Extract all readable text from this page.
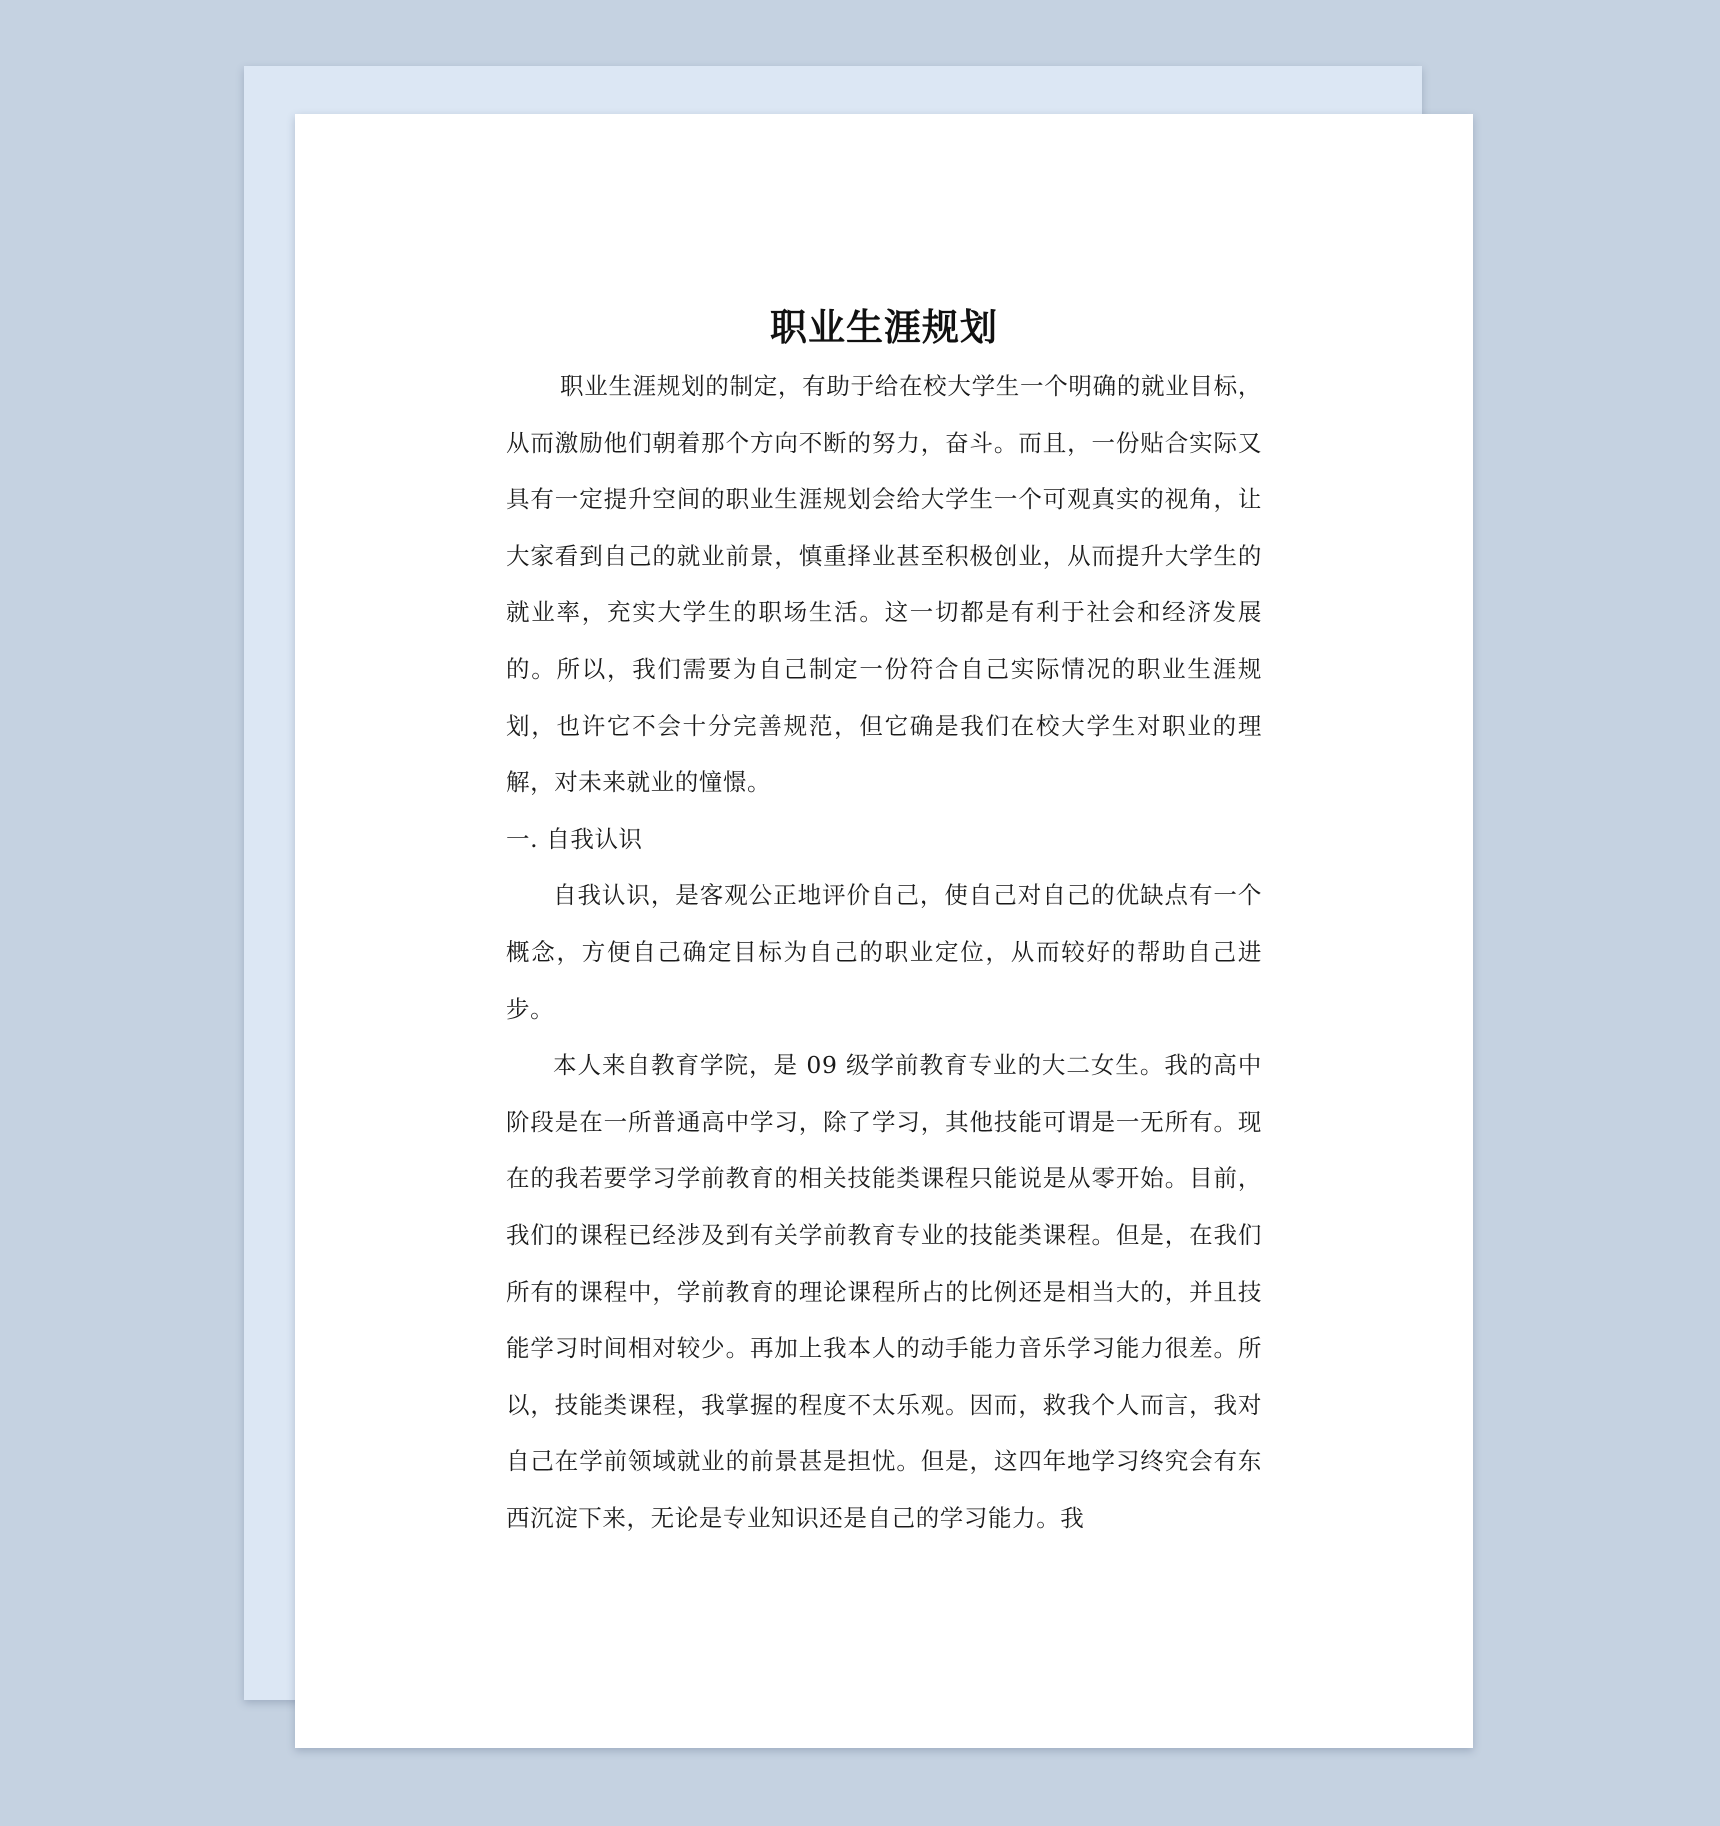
职业生涯规划

职业生涯规划的制定，有助于给在校大学生一个明确的就业目标，从而激励他们朝着那个方向不断的努力，奋斗。而且，一份贴合实际又具有一定提升空间的职业生涯规划会给大学生一个可观真实的视角，让大家看到自己的就业前景，慎重择业甚至积极创业，从而提升大学生的就业率，充实大学生的职场生活。这一切都是有利于社会和经济发展的。所以，我们需要为自己制定一份符合自己实际情况的职业生涯规划，也许它不会十分完善规范，但它确是我们在校大学生对职业的理解，对未来就业的憧憬。

一. 自我认识

自我认识，是客观公正地评价自己，使自己对自己的优缺点有一个概念，方便自己确定目标为自己的职业定位，从而较好的帮助自己进步。

本人来自教育学院，是 09 级学前教育专业的大二女生。我的高中阶段是在一所普通高中学习，除了学习，其他技能可谓是一无所有。现在的我若要学习学前教育的相关技能类课程只能说是从零开始。目前，我们的课程已经涉及到有关学前教育专业的技能类课程。但是，在我们所有的课程中，学前教育的理论课程所占的比例还是相当大的，并且技能学习时间相对较少。再加上我本人的动手能力音乐学习能力很差。所以，技能类课程，我掌握的程度不太乐观。因而，救我个人而言，我对自己在学前领域就业的前景甚是担忧。但是，这四年地学习终究会有东西沉淀下来，无论是专业知识还是自己的学习能力。我
